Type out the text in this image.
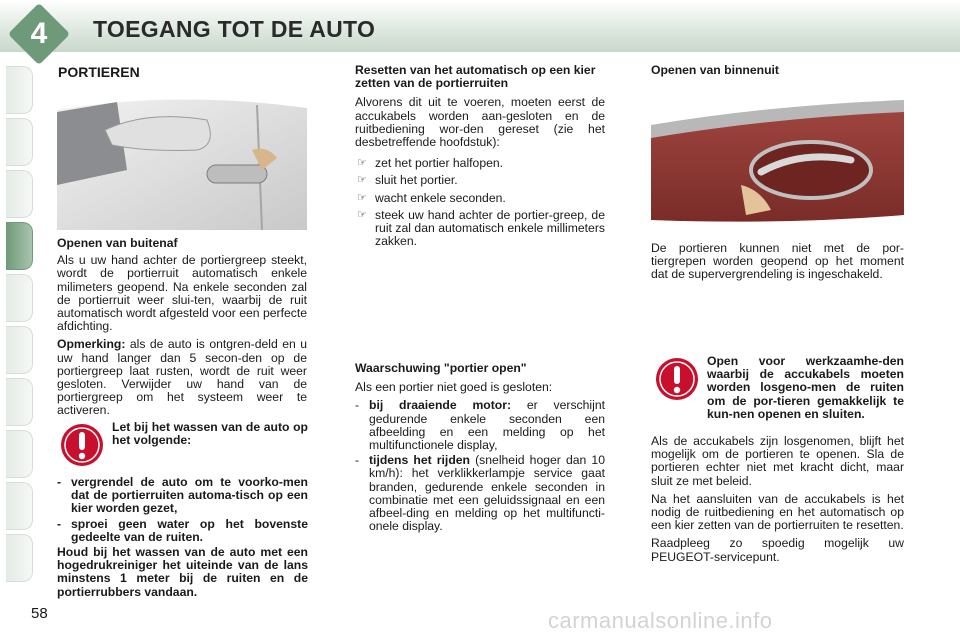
4	TOEGANG TOT DE AUTO
PORTIEREN
Openen van buitenaf

Als u uw hand achter de portiergreep steekt, wordt de portierruit automatisch enkele milimeters geopend. Na enkele seconden zal de portierruit weer slui-ten, waarbij de ruit automatisch wordt afgesteld voor een perfecte afdichting.

Opmerking: als de auto is ontgren-deld en u uw hand langer dan 5 secon-den op de portiergreep laat rusten, wordt de ruit weer gesloten. Verwijder uw hand van de portiergreep om het systeem weer te activeren.

Let bij het wassen van de auto op het volgende:
- vergrendel de auto om te voorko-men dat de portierruiten automa-tisch op een kier worden gezet,
- sproei geen water op het bovenste gedeelte van de ruiten.

Houd bij het wassen van de auto met een hogedrukreiniger het uiteinde van de lans minstens 1 meter bij de ruiten en de portierrubbers vandaan.

Resetten van het automatisch op een kier zetten van de portierruiten

Alvorens dit uit te voeren, moeten eerst de accukabels worden aan-gesloten en de ruitbediening wor-den gereset (zie het desbetreffende hoofdstuk):

☞ zet het portier halfopen.
☞ sluit het portier.
☞ wacht enkele seconden.
☞ steek uw hand achter de portier-greep, de ruit zal dan automatisch enkele millimeters zakken.
Waarschuwing "portier open"

Als een portier niet goed is gesloten:

- bij draaiende motor: er verschijnt gedurende enkele seconden een afbeelding en een melding op het multifunctionele display,
- tijdens het rijden (snelheid hoger dan 10 km/h): het verklikkerlampje service gaat branden, gedurende enkele seconden in combinatie met een geluidssignaal en een afbeel-ding en melding op het multifuncti-onele display.
Openen van binnenuit

De portieren kunnen niet met de por-tiergrepen worden geopend op het moment dat de supervergrendeling is ingeschakeld.

Open voor werkzaamhe-den waarbij de accukabels moeten worden losgeno-men de ruiten om de por-tieren gemakkelijk te kun-nen openen en sluiten.

Als de accukabels zijn losgenomen, blijft het mogelijk om de portieren te openen. Sla de portieren echter niet met kracht dicht, maar sluit ze met beleid.

Na het aansluiten van de accukabels is het nodig de ruitbediening en het automatisch op een kier zetten van de portierruiten te resetten.

Raadpleeg zo spoedig mogelijk uw PEUGEOT-servicepunt.

58	carmanualsonline.info
